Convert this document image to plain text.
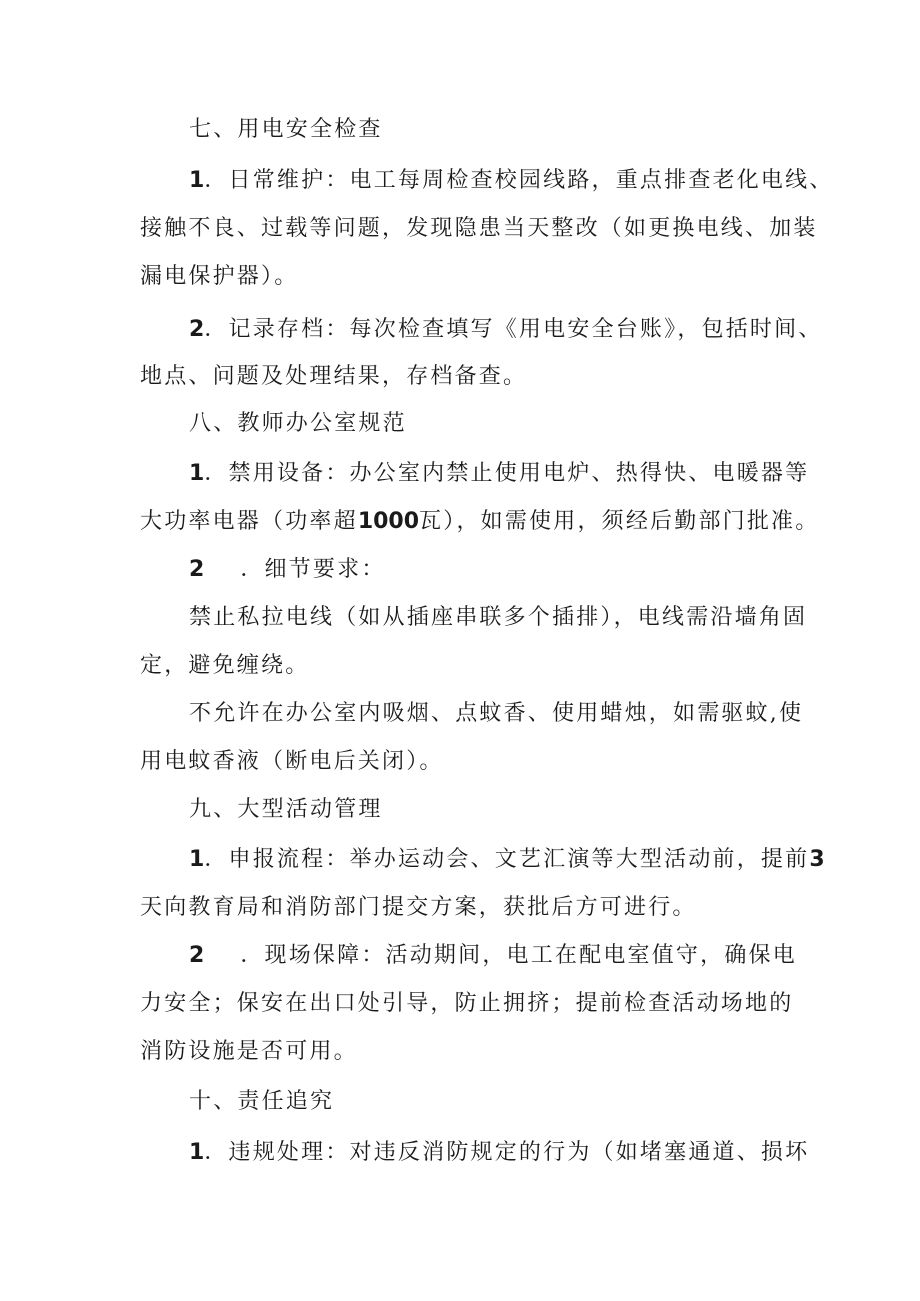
七、用电安全检查
1．日常维护：电工每周检查校园线路，重点排查老化电线、
接触不良、过载等问题，发现隐患当天整改（如更换电线、加装
漏电保护器）。
2．记录存档：每次检查填写《用电安全台账》，包括时间、
地点、问题及处理结果，存档备查。
八、教师办公室规范
1．禁用设备：办公室内禁止使用电炉、热得快、电暖器等
大功率电器（功率超1000瓦），如需使用，须经后勤部门批准。
2 ．细节要求：
禁止私拉电线（如从插座串联多个插排），电线需沿墙角固
定，避免缠绕。
不允许在办公室内吸烟、点蚊香、使用蜡烛，如需驱蚊,使
用电蚊香液（断电后关闭）。
九、大型活动管理
1．申报流程：举办运动会、文艺汇演等大型活动前，提前3
天向教育局和消防部门提交方案，获批后方可进行。
2 ．现场保障：活动期间，电工在配电室值守，确保电
力安全；保安在出口处引导，防止拥挤；提前检查活动场地的
消防设施是否可用。
十、责任追究
1．违规处理：对违反消防规定的行为（如堵塞通道、损坏
